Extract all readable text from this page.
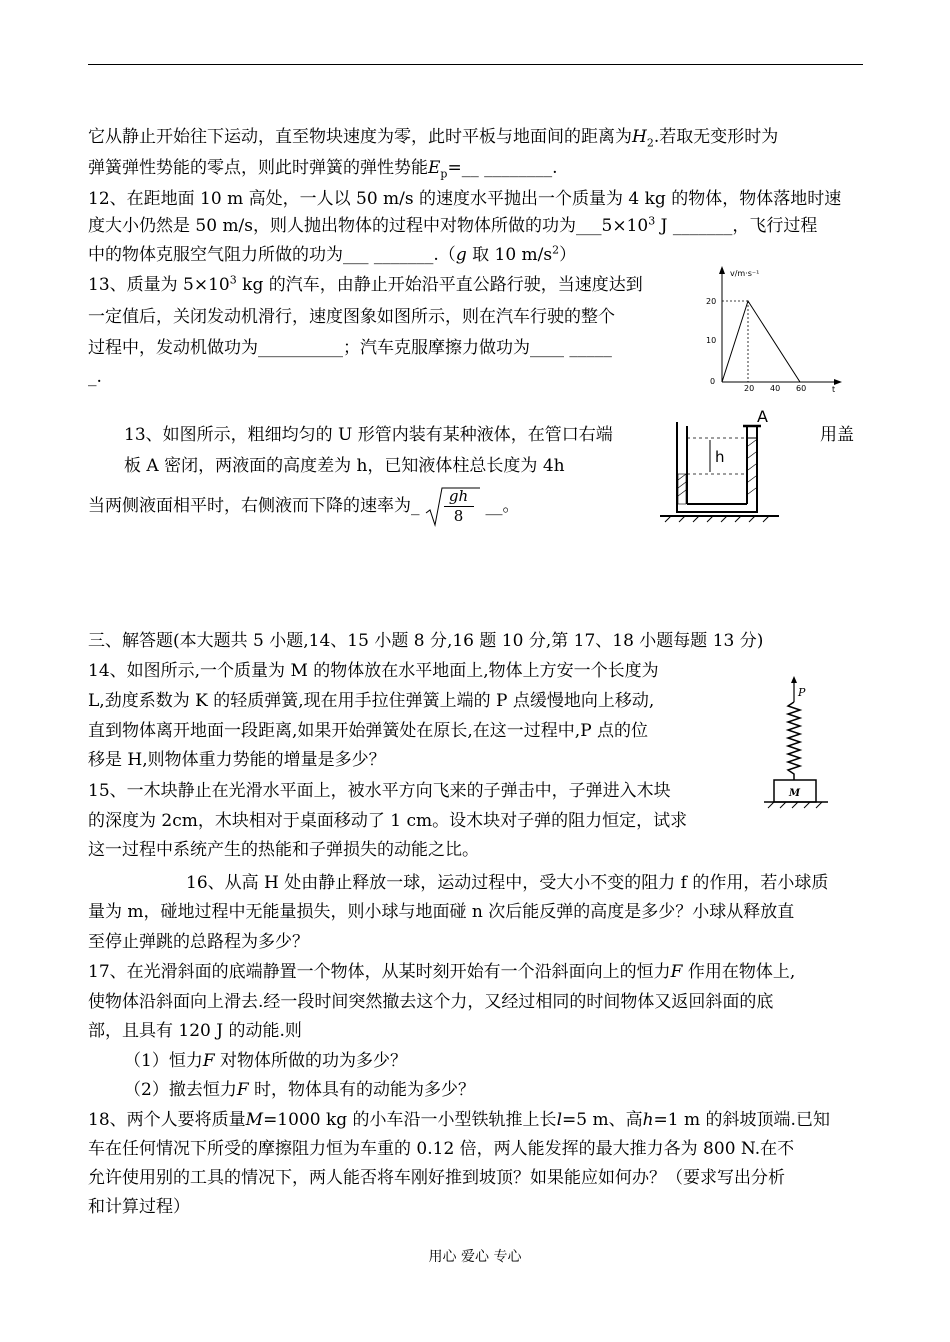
它从静止开始往下运动，直至物块速度为零，此时平板与地面间的距离为$H_2$.若取无变形时为
弹簧弹性势能的零点，则此时弹簧的弹性势能$E_p=\_\_$ ________.
12、在距地面 10 m 高处，一人以 50 m/s 的速度水平抛出一个质量为 4 kg 的物体，物体落地时速
度大小仍然是 50 m/s，则人抛出物体的过程中对物体所做的功为$\_\_\_5\times 10^3$ J _______，飞行过程
中的物体克服空气阻力所做的功为___ _______.（g 取 10 $m/s^2$）
13、质量为 $5\times 10^3$ kg 的汽车，由静止开始沿平直公路行驶，当速度达到
一定值后，关闭发动机滑行，速度图象如图所示，则在汽车行驶的整个
过程中，发动机做功为__________；汽车克服摩擦力做功为____ _____
_.
v/m·s⁻¹
t
20
10
0
20 40 60
13、如图所示，粗细均匀的 U 形管内装有某种液体，在管口右端	用盖
板 A 密闭，两液面的高度差为 h，已知液体柱总长度为 4h
当两侧液面相平时，右侧液而下降的速率为_ $\frac{gh}{8}$ __。
A
h
三、解答题(本大题共 5 小题,14、15 小题 8 分,16 题 10 分,第 17、18 小题每题 13 分)
14、如图所示,一个质量为 M 的物体放在水平地面上,物体上方安一个长度为
L,劲度系数为 K 的轻质弹簧,现在用手拉住弹簧上端的 P 点缓慢地向上移动,
直到物体离开地面一段距离,如果开始弹簧处在原长,在这一过程中,P 点的位
移是 H,则物体重力势能的增量是多少？
P
M
15、一木块静止在光滑水平面上，被水平方向飞来的子弹击中，子弹进入木块
的深度为 2cm，木块相对于桌面移动了 1 cm。设木块对子弹的阻力恒定，试求
这一过程中系统产生的热能和子弹损失的动能之比。
16、从高 H 处由静止释放一球，运动过程中，受大小不变的阻力 f 的作用，若小球质
量为 m，碰地过程中无能量损失，则小球与地面碰 n 次后能反弹的高度是多少？小球从释放直
至停止弹跳的总路程为多少？
17、在光滑斜面的底端静置一个物体，从某时刻开始有一个沿斜面向上的恒力F 作用在物体上,
使物体沿斜面向上滑去.经一段时间突然撤去这个力，又经过相同的时间物体又返回斜面的底
部，且具有 120 J 的动能.则
（1）恒力F 对物体所做的功为多少？
（2）撤去恒力F 时，物体具有的动能为多少？
18、两个人要将质量M=1000 kg 的小车沿一小型铁轨推上长l=5 m、高h=1 m 的斜坡顶端.已知
车在任何情况下所受的摩擦阻力恒为车重的 0.12 倍，两人能发挥的最大推力各为 800 N.在不
允许使用别的工具的情况下，两人能否将车刚好推到坡顶？如果能应如何办？（要求写出分析
和计算过程）
用心 爱心 专心
